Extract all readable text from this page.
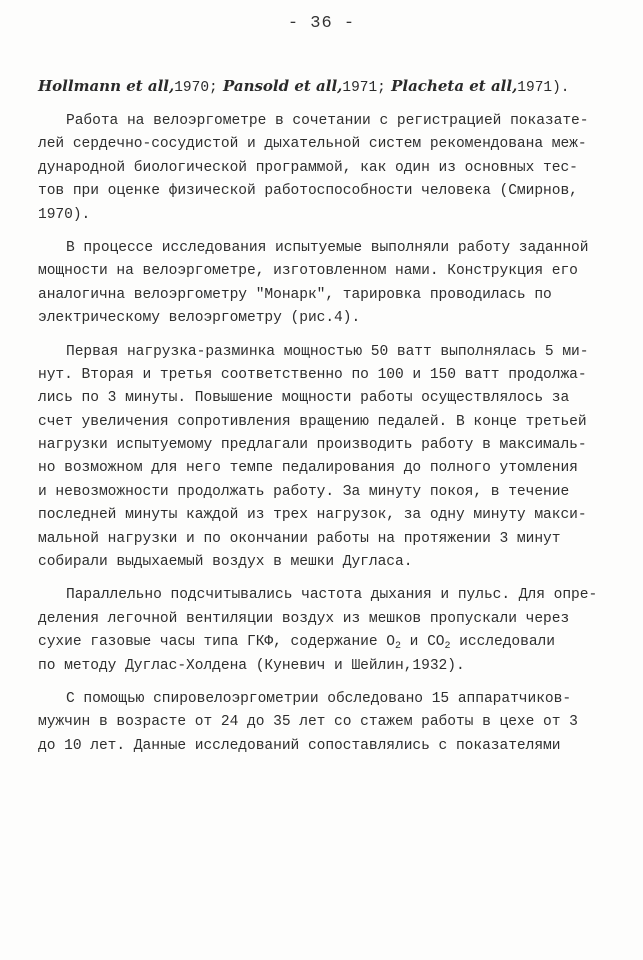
- 36 -
Hollmann et all,1970; Pansold et all,1971; Placheta et all,1971).
Работа на велоэргометре в сочетании с регистрацией показате-
лей сердечно-сосудистой и дыхательной систем рекомендована меж-
дународной биологической программой, как один из основных тес-
тов при оценке физической работоспособности человека (Смирнов,
1970).
В процессе исследования испытуемые выполняли работу заданной
мощности на велоэргометре, изготовленном нами. Конструкция его
аналогична велоэргометру "Монарк", тарировка проводилась по
электрическому велоэргометру (рис.4).
Первая нагрузка-разминка мощностью 50 ватт выполнялась 5 ми-
нут. Вторая и третья соответственно по 100 и 150 ватт продолжа-
лись по 3 минуты. Повышение мощности работы осуществлялось за
счет увеличения сопротивления вращению педалей. В конце третьей
нагрузки испытуемому предлагали производить работу в максималь-
но возможном для него темпе педалирования до полного утомления
и невозможности продолжать работу. За минуту покоя, в течение
последней минуты каждой из трех нагрузок, за одну минуту макси-
мальной нагрузки и по окончании работы на протяжении 3 минут
собирали выдыхаемый воздух в мешки Дугласа.
Параллельно подсчитывались частота дыхания и пульс. Для опре-
деления легочной вентиляции воздух из мешков пропускали через
сухие газовые часы типа ГКФ, содержание $O_2$ и $CO_2$ исследовали
по методу Дуглас-Холдена (Куневич и Шейлин,1932).
С помощью спировелоэргометрии обследовано 15 аппаратчиков-
мужчин в возрасте от 24 до 35 лет со стажем работы в цехе от 3
до 10 лет. Данные исследований сопоставлялись с показателями
